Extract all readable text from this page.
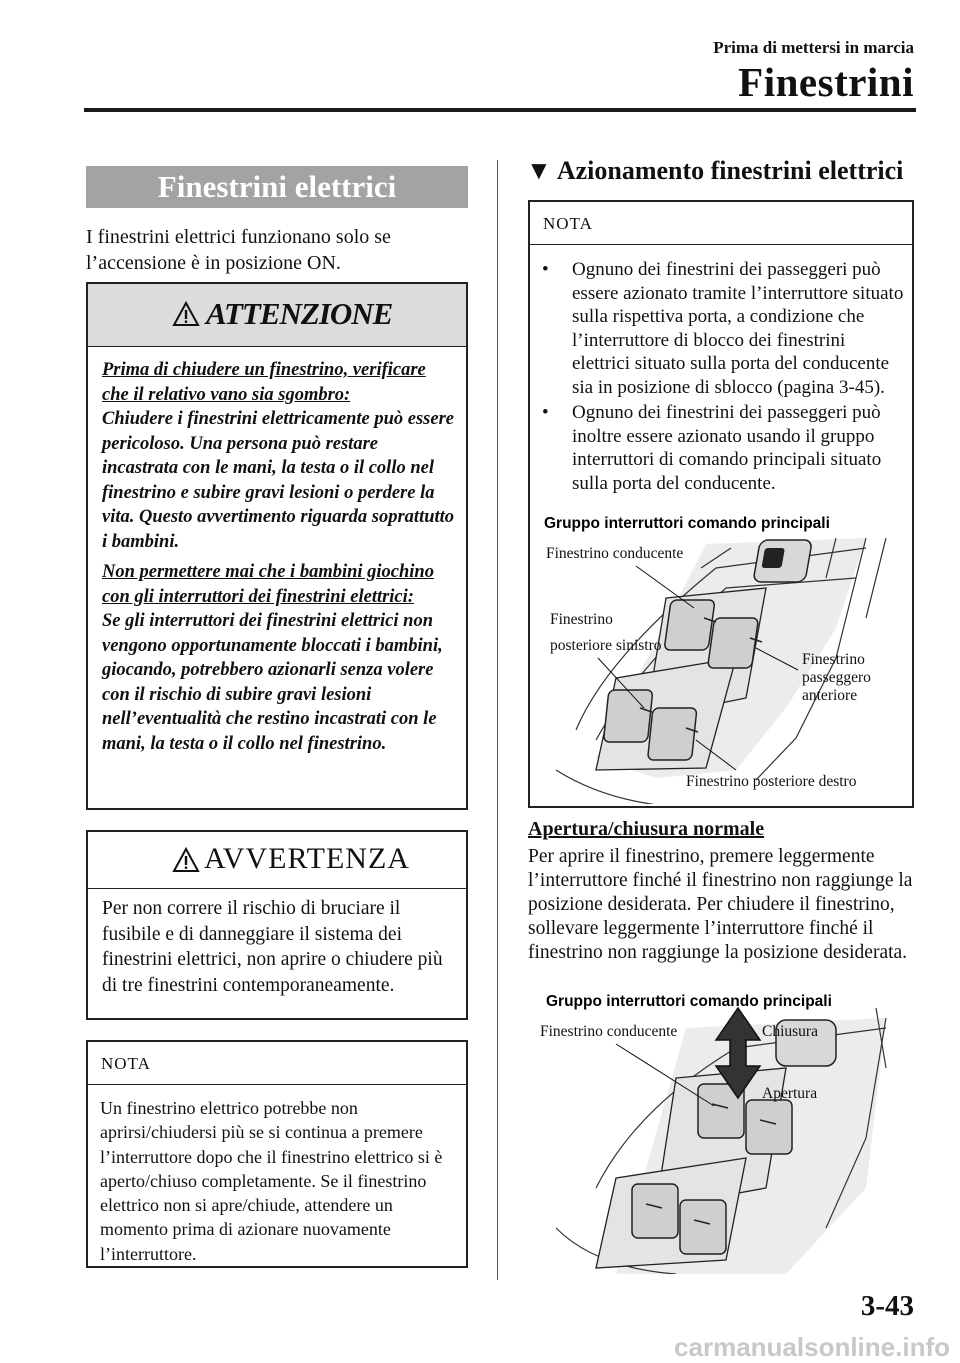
Prima di mettersi in marcia
Finestrini
Finestrini elettrici
I finestrini elettrici funzionano solo se l’accensione è in posizione ON.
ATTENZIONE

Prima di chiudere un finestrino, verificare che il relativo vano sia sgombro:
Chiudere i finestrini elettricamente può essere pericoloso. Una persona può restare incastrata con le mani, la testa o il collo nel finestrino e subire gravi lesioni o perdere la vita. Questo avvertimento riguarda soprattutto i bambini.

Non permettere mai che i bambini giochino con gli interruttori dei finestrini elettrici:
Se gli interruttori dei finestrini elettrici non vengono opportunamente bloccati i bambini, giocando, potrebbero azionarli senza volere con il rischio di subire gravi lesioni nell’eventualità che restino incastrati con le mani, la testa o il collo nel finestrino.

AVVERTENZA
Per non correre il rischio di bruciare il fusibile e di danneggiare il sistema dei finestrini elettrici, non aprire o chiudere più di tre finestrini contemporaneamente.
NOTA
Un finestrino elettrico potrebbe non aprirsi/chiudersi più se si continua a premere l’interruttore dopo che il finestrino elettrico si è aperto/chiuso completamente. Se il finestrino elettrico non si apre/chiude, attendere un momento prima di azionare nuovamente l’interruttore.
▼ Azionamento finestrini elettrici
NOTA
• Ognuno dei finestrini dei passeggeri può essere azionato tramite l’interruttore situato sulla rispettiva porta, a condizione che l’interruttore di blocco dei finestrini elettrici situato sulla porta del conducente sia in posizione di sblocco (pagina 3-45).
• Ognuno dei finestrini dei passeggeri può inoltre essere azionato usando il gruppo interruttori di comando principali situato sulla porta del conducente.
Gruppo interruttori comando principali
Finestrino conducente
Finestrino
posteriore sinistro
Finestrino
passeggero
anteriore
Finestrino posteriore destro
Apertura/chiusura normale
Per aprire il finestrino, premere leggermente l’interruttore finché il finestrino non raggiunge la posizione desiderata. Per chiudere il finestrino, sollevare leggermente l’interruttore finché il finestrino non raggiunge la posizione desiderata.
Gruppo interruttori comando principali
Finestrino conducente	Chiusura
Apertura
3-43
carmanualsonline.info
